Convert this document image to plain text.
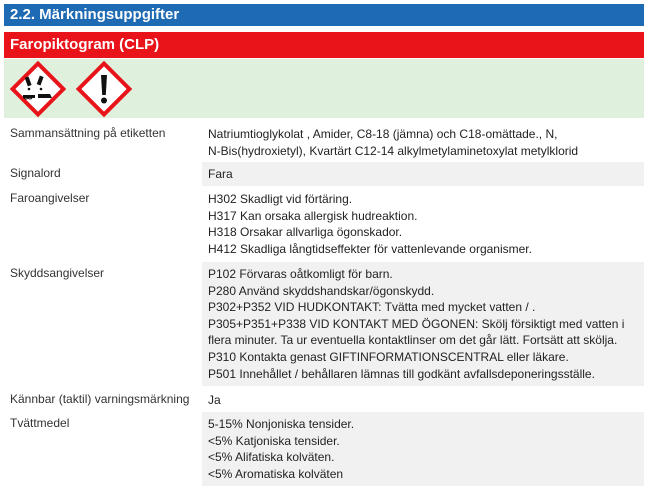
2.2. Märkningsuppgifter
Faropiktogram (CLP)
Sammansättning på etiketten	Natriumtioglykolat , Amider, C8-18 (jämna) och C18-omättade., N,
N-Bis(hydroxietyl), Kvartärt C12-14 alkylmetylaminetoxylat metylklorid
Signalord	Fara
Faroangivelser	H302 Skadligt vid förtäring.
H317 Kan orsaka allergisk hudreaktion.
H318 Orsakar allvarliga ögonskador.
H412 Skadliga långtidseffekter för vattenlevande organismer.
Skyddsangivelser	P102 Förvaras oåtkomligt för barn.
P280 Använd skyddshandskar/ögonskydd.
P302+P352 VID HUDKONTAKT: Tvätta med mycket vatten / .
P305+P351+P338 VID KONTAKT MED ÖGONEN: Skölj försiktigt med vatten i flera minuter. Ta ur eventuella kontaktlinser om det går lätt. Fortsätt att skölja. P310 Kontakta genast GIFTINFORMATIONSCENTRAL eller läkare.
P501 Innehållet / behållaren lämnas till godkänt avfallsdeponeringsställe.
Kännbar (taktil) varningsmärkning	Ja
Tvättmedel	5-15% Nonjoniska tensider.
<5% Katjoniska tensider.
<5% Alifatiska kolväten.
<5% Aromatiska kolväten
